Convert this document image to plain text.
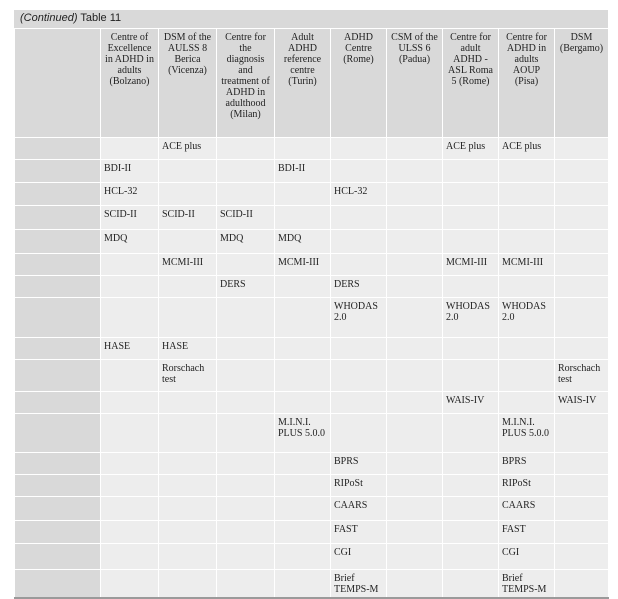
(Continued) Table 11
	Centre of Excellence in ADHD in adults (Bolzano)	DSM of the AULSS 8 Berica (Vicenza)	Centre for the diagnosis and treatment of ADHD in adulthood (Milan)	Adult ADHD reference centre (Turin)	ADHD Centre (Rome)	CSM of the ULSS 6 (Padua)	Centre for adult ADHD - ASL Roma 5 (Rome)	Centre for ADHD in adults AOUP (Pisa)	DSM (Bergamo)
		ACE plus					ACE plus	ACE plus	
	BDI-II			BDI-II					
	HCL-32				HCL-32				
	SCID-II	SCID-II	SCID-II						
	MDQ		MDQ	MDQ					
		MCMI-III		MCMI-III			MCMI-III	MCMI-III	
			DERS		DERS				
					WHODAS 2.0		WHODAS 2.0	WHODAS 2.0	
	HASE	HASE							
		Rorschach test							Rorschach test
							WAIS-IV		WAIS-IV
				M.I.N.I. PLUS 5.0.0				M.I.N.I. PLUS 5.0.0	
					BPRS			BPRS	
					RIPoSt			RIPoSt	
					CAARS			CAARS	
					FAST			FAST	
					CGI			CGI	
					Brief TEMPS-M			Brief TEMPS-M	
